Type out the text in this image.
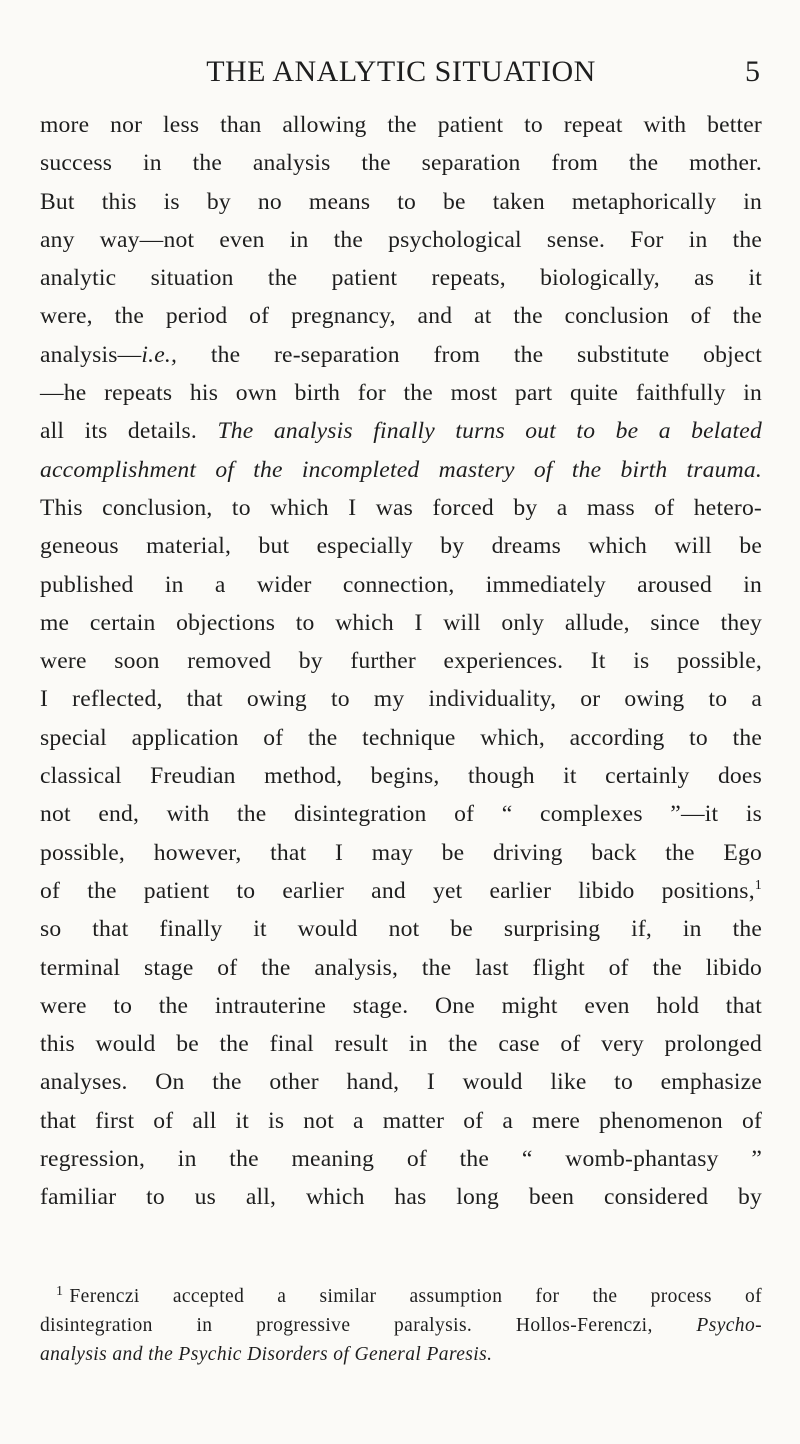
THE ANALYTIC SITUATION	5
more nor less than allowing the patient to repeat with better
success in the analysis the separation from the mother.
But this is by no means to be taken metaphorically in
any way—not even in the psychological sense. For in the
analytic situation the patient repeats, biologically, as it
were, the period of pregnancy, and at the conclusion of the
analysis—i.e., the re-separation from the substitute object
—he repeats his own birth for the most part quite faithfully in
all its details. The analysis finally turns out to be a belated
accomplishment of the incompleted mastery of the birth trauma.
This conclusion, to which I was forced by a mass of hetero-
geneous material, but especially by dreams which will be
published in a wider connection, immediately aroused in
me certain objections to which I will only allude, since they
were soon removed by further experiences. It is possible,
I reflected, that owing to my individuality, or owing to a
special application of the technique which, according to the
classical Freudian method, begins, though it certainly does
not end, with the disintegration of “ complexes ”—it is
possible, however, that I may be driving back the Ego
of the patient to earlier and yet earlier libido positions,$^1$
so that finally it would not be surprising if, in the
terminal stage of the analysis, the last flight of the libido
were to the intrauterine stage. One might even hold that
this would be the final result in the case of very prolonged
analyses. On the other hand, I would like to emphasize
that first of all it is not a matter of a mere phenomenon of
regression, in the meaning of the “ womb-phantasy ”
familiar to us all, which has long been considered by
$^1$ Ferenczi accepted a similar assumption for the process of
disintegration in progressive paralysis. Hollos-Ferenczi, Psycho-
analysis and the Psychic Disorders of General Paresis.
